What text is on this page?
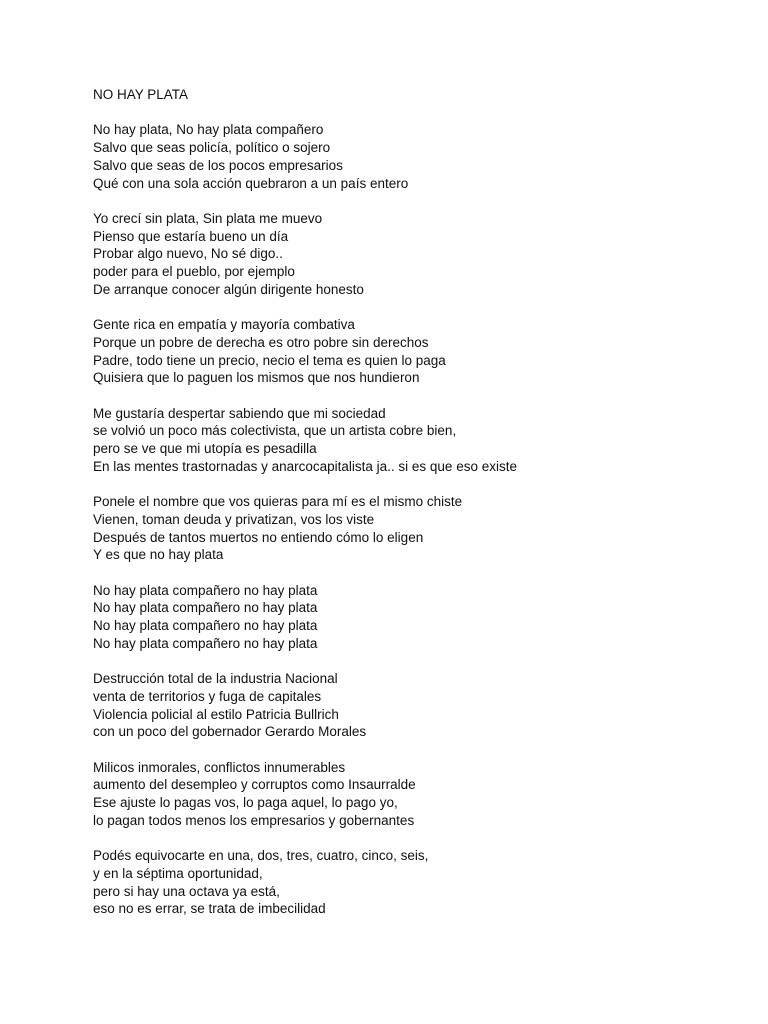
NO HAY PLATA
No hay plata, No hay plata compañero
Salvo que seas policía, político o sojero
Salvo que seas de los pocos empresarios
Qué con una sola acción quebraron a un país entero
Yo crecí sin plata, Sin plata me muevo
Pienso que estaría bueno un día
Probar algo nuevo, No sé digo..
poder para el pueblo, por ejemplo
De arranque conocer algún dirigente honesto
Gente rica en empatía y mayoría combativa
Porque un pobre de derecha es otro pobre sin derechos
Padre, todo tiene un precio, necio el tema es quien lo paga
Quisiera que lo paguen los mismos que nos hundieron
Me gustaría despertar sabiendo que mi sociedad
se volvió un poco más colectivista, que un artista cobre bien,
pero se ve que mi utopía es pesadilla
En las mentes trastornadas y anarcocapitalista ja.. si es que eso existe
Ponele el nombre que vos quieras para mí es el mismo chiste
Vienen, toman deuda y privatizan, vos los viste
Después de tantos muertos no entiendo cómo lo eligen
Y es que no hay plata
No hay plata compañero no hay plata
No hay plata compañero no hay plata
No hay plata compañero no hay plata
No hay plata compañero no hay plata
Destrucción total de la industria Nacional
venta de territorios y fuga de capitales
Violencia policial al estilo Patricia Bullrich
con un poco del gobernador Gerardo Morales
Milicos inmorales, conflictos innumerables
aumento del desempleo y corruptos como Insaurralde
Ese ajuste lo pagas vos, lo paga aquel, lo pago yo,
lo pagan todos menos los empresarios y gobernantes
Podés equivocarte en una, dos, tres, cuatro, cinco, seis,
y en la séptima oportunidad,
pero si hay una octava ya está,
eso no es errar, se trata de imbecilidad
